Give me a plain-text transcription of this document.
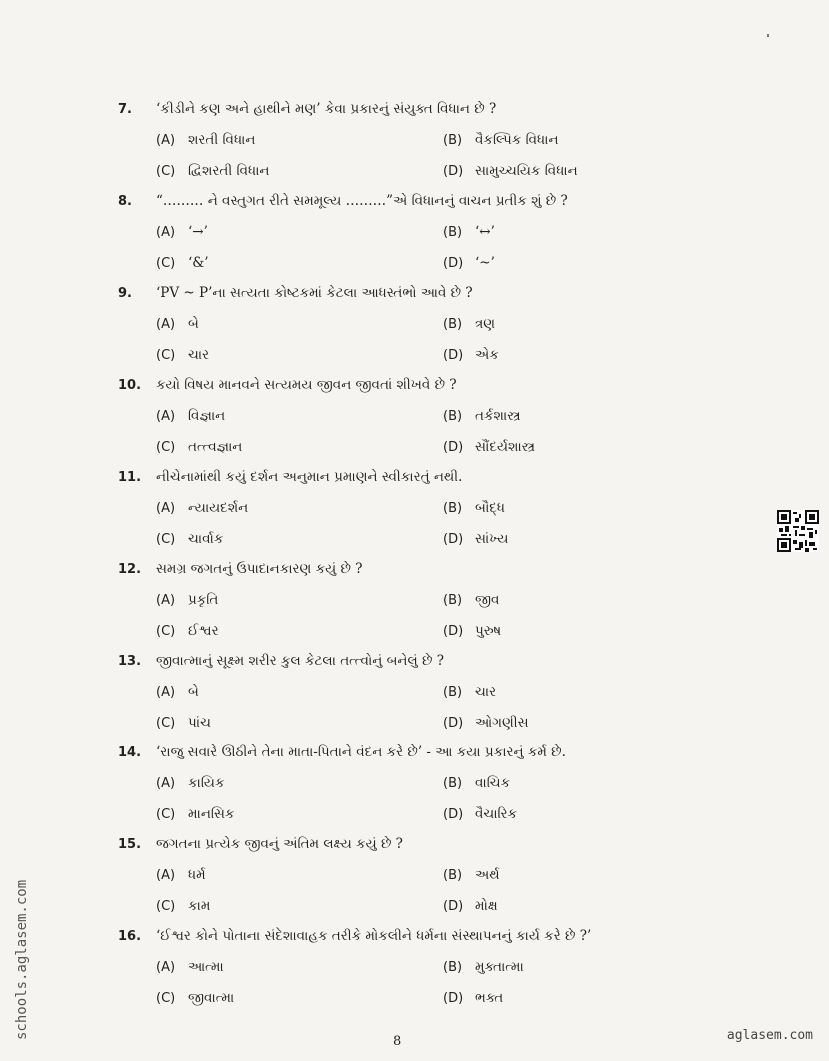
7. ‘કીડીને કણ અને હાથીને મણ’ કેવા પ્રકારનું સંયુક્ત વિધાન છે ?
(A) શરતી વિધાન	(B) વૈકલ્પિક વિધાન
(C) દ્વિશરતી વિધાન	(D) સામુચ્ચયિક વિધાન
8. “……… ને વસ્તુગત રીતે સમમૂલ્ય ………”એ વિધાનનું વાચન પ્રતીક શું છે ?
(A) ‘→’	(B) ‘↔’
(C) ‘&’	(D) ‘~’
9. ‘PV ~ P’ના સત્યતા કોષ્ટકમાં કેટલા આધસ્તંભો આવે છે ?
(A) બે	(B) ત્રણ
(C) ચાર	(D) એક
10. કયો વિષય માનવને સત્યમય જીવન જીવતાં શીખવે છે ?
(A) વિજ્ઞાન	(B) તર્કશાસ્ત્ર
(C) તત્ત્વજ્ઞાન	(D) સૌંદર્યશાસ્ત્ર
11. નીચેનામાંથી કયું દર્શન અનુમાન પ્રમાણને સ્વીકારતું નથી.
(A) ન્યાયદર્શન	(B) બૌદ્ધ
(C) ચાર્વાક	(D) સાંખ્ય
12. સમગ્ર જગતનું ઉપાદાનકારણ કયું છે ?
(A) પ્રકૃતિ	(B) જીવ
(C) ઈશ્વર	(D) પુરુષ
13. જીવાત્માનું સૂક્ષ્મ શરીર કુલ કેટલા તત્ત્વોનું બનેલું છે ?
(A) બે	(B) ચાર
(C) પાંચ	(D) ઓગણીસ
14. ‘રાજુ સવારે ઊઠીને તેના માતા-પિતાને વંદન કરે છે’ - આ કયા પ્રકારનું કર્મ છે.
(A) કાયિક	(B) વાચિક
(C) માનસિક	(D) વૈચારિક
15. જગતના પ્રત્યેક જીવનું અંતિમ લક્ષ્ય કયું છે ?
(A) ધર્મ	(B) અર્થ
(C) કામ	(D) મોક્ષ
16. ‘ઈશ્વર કોને પોતાના સંદેશાવાહક તરીકે મોકલીને ધર્મના સંસ્થાપનનું કાર્ય કરે છે ?’
(A) આત્મા	(B) મુક્તાત્મા
(C) જીવાત્મા	(D) ભક્ત
8
schools.aglasem.com	aglasem.com
